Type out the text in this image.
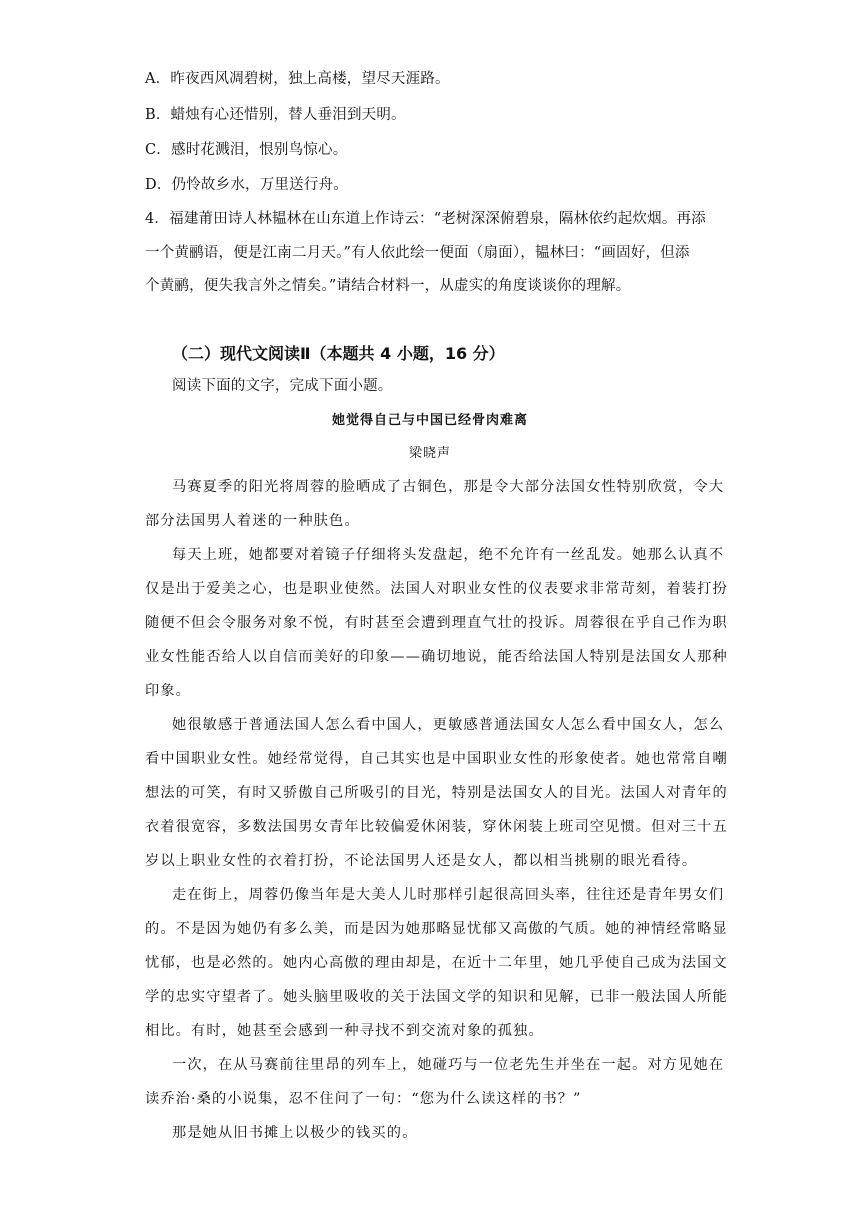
A．昨夜西风凋碧树，独上高楼，望尽天涯路。
B．蜡烛有心还惜别，替人垂泪到天明。
C．感时花溅泪，恨别鸟惊心。
D．仍怜故乡水，万里送行舟。
4．福建莆田诗人林韫林在山东道上作诗云：“老树深深俯碧泉，隔林依约起炊烟。再添
一个黄鹂语，便是江南二月天。”有人依此绘一便面（扇面），韫林曰：“画固好，但添
个黄鹂，便失我言外之情矣。”请结合材料一，从虚实的角度谈谈你的理解。
（二）现代文阅读Ⅱ（本题共 4 小题，16 分）
阅读下面的文字，完成下面小题。
她觉得自己与中国已经骨肉难离
梁晓声
马赛夏季的阳光将周蓉的脸晒成了古铜色，那是令大部分法国女性特别欣赏，令大
部分法国男人着迷的一种肤色。
每天上班，她都要对着镜子仔细将头发盘起，绝不允许有一丝乱发。她那么认真不
仅是出于爱美之心，也是职业使然。法国人对职业女性的仪表要求非常苛刻，着装打扮
随便不但会令服务对象不悦，有时甚至会遭到理直气壮的投诉。周蓉很在乎自己作为职
业女性能否给人以自信而美好的印象——确切地说，能否给法国人特别是法国女人那种
印象。
她很敏感于普通法国人怎么看中国人，更敏感普通法国女人怎么看中国女人，怎么
看中国职业女性。她经常觉得，自己其实也是中国职业女性的形象使者。她也常常自嘲
想法的可笑，有时又骄傲自己所吸引的目光，特别是法国女人的目光。法国人对青年的
衣着很宽容，多数法国男女青年比较偏爱休闲装，穿休闲装上班司空见惯。但对三十五
岁以上职业女性的衣着打扮，不论法国男人还是女人，都以相当挑剔的眼光看待。
走在街上，周蓉仍像当年是大美人儿时那样引起很高回头率，往往还是青年男女们
的。不是因为她仍有多么美，而是因为她那略显忧郁又高傲的气质。她的神情经常略显
忧郁，也是必然的。她内心高傲的理由却是，在近十二年里，她几乎使自己成为法国文
学的忠实守望者了。她头脑里吸收的关于法国文学的知识和见解，已非一般法国人所能
相比。有时，她甚至会感到一种寻找不到交流对象的孤独。
一次，在从马赛前往里昂的列车上，她碰巧与一位老先生并坐在一起。对方见她在
读乔治·桑的小说集，忍不住问了一句：“您为什么读这样的书？”
那是她从旧书摊上以极少的钱买的。
